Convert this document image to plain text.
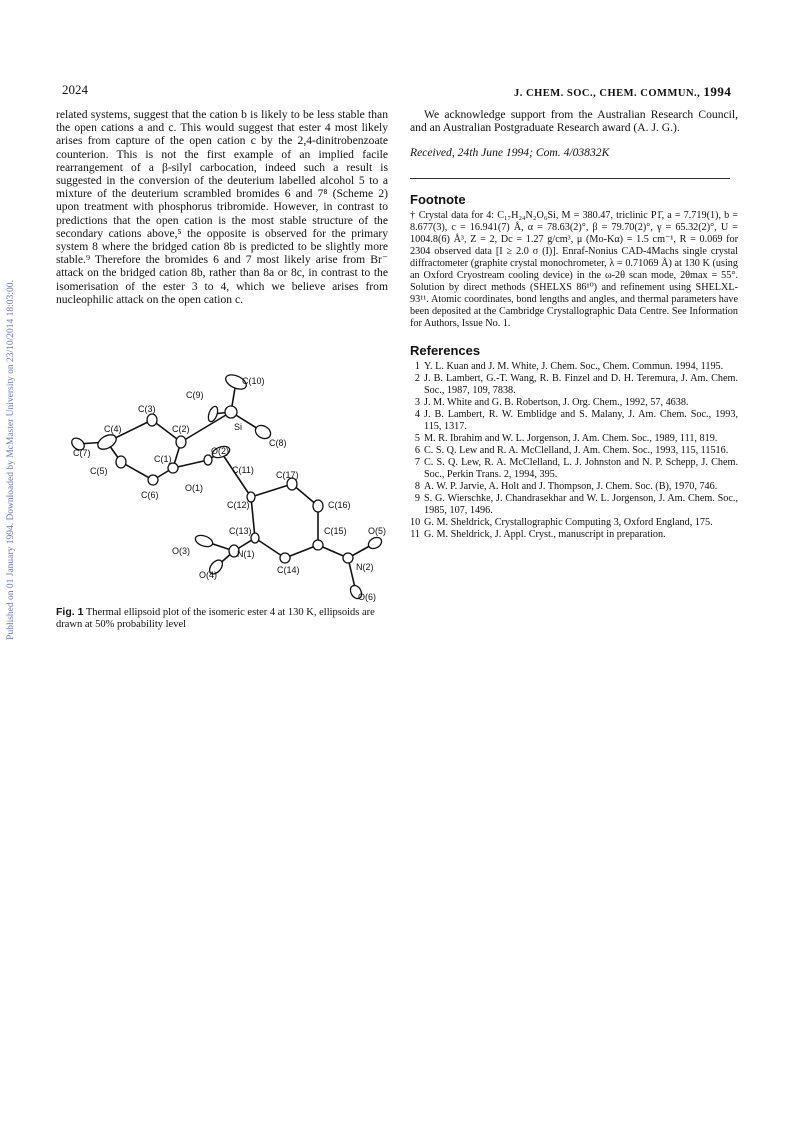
Published on 01 January 1994. Downloaded by McMaster University on 23/10/2014 18:03:00.
2024	J. CHEM. SOC., CHEM. COMMUN., 1994

related systems, suggest that the cation b is likely to be less stable than the open cations a and c. This would suggest that ester 4 most likely arises from capture of the open cation c by the 2,4-dinitrobenzoate counterion. This is not the first example of an implied facile rearrangement of a β-silyl carbocation, indeed such a result is suggested in the conversion of the deuterium labelled alcohol 5 to a mixture of the deuterium scrambled bromides 6 and 7⁸ (Scheme 2) upon treatment with phosphorus tribromide. However, in contrast to predictions that the open cation is the most stable structure of the secondary cations above,⁵ the opposite is observed for the primary system 8 where the bridged cation 8b is predicted to be slightly more stable.⁹ Therefore the bromides 6 and 7 most likely arise from Br⁻ attack on the bridged cation 8b, rather than 8a or 8c, in contrast to the isomerisation of the ester 3 to 4, which we believe arises from nucleophilic attack on the open cation c.

C(10)
C(9)
Si
C(3)
C(2)
C(4)
C(8)
C(7)
C(1)
O(2)
C(5)	C(11) C(17)
O(1)
C(6)
C(12)	C(16)
C(13)	C(15) O(5)
O(3)	N(1)
C(14)	N(2)
O(4)
O(6)
Fig. 1 Thermal ellipsoid plot of the isomeric ester 4 at 130 K, ellipsoids are drawn at 50% probability level

We acknowledge support from the Australian Research Council, and an Australian Postgraduate Research award (A. J. G.).

Received, 24th June 1994; Com. 4/03832K

Footnote

† Crystal data for 4: C₁₇H₂₄N₂O₆Si, M = 380.47, triclinic P1̄, a = 7.719(1), b = 8.677(3), c = 16.941(7) Å, α = 78.63(2)°, β = 79.70(2)°, γ = 65.32(2)°, U = 1004.8(6) Å³, Z = 2, Dc = 1.27 g/cm³, μ (Mo-Kα) = 1.5 cm⁻¹, R = 0.069 for 2304 observed data [I ≥ 2.0 σ (I)]. Enraf-Nonius CAD-4Machs single crystal diffractometer (graphite crystal monochrometer, λ = 0.71069 Å) at 130 K (using an Oxford Cryostream cooling device) in the ω-2θ scan mode, 2θmax = 55°. Solution by direct methods (SHELXS 86¹⁰) and refinement using SHELXL-93¹¹. Atomic coordinates, bond lengths and angles, and thermal parameters have been deposited at the Cambridge Crystallographic Data Centre. See Information for Authors, Issue No. 1.

References
1 Y. L. Kuan and J. M. White, J. Chem. Soc., Chem. Commun. 1994, 1195.
2 J. B. Lambert, G.-T. Wang, R. B. Finzel and D. H. Teremura, J. Am. Chem. Soc., 1987, 109, 7838.
3 J. M. White and G. B. Robertson, J. Org. Chem., 1992, 57, 4638.
4 J. B. Lambert, R. W. Emblidge and S. Malany, J. Am. Chem. Soc., 1993, 115, 1317.
5 M. R. Ibrahim and W. L. Jorgenson, J. Am. Chem. Soc., 1989, 111, 819.
6 C. S. Q. Lew and R. A. McClelland, J. Am. Chem. Soc., 1993, 115, 11516.
7 C. S. Q. Lew, R. A. McClelland, L. J. Johnston and N. P. Schepp, J. Chem. Soc., Perkin Trans. 2, 1994, 395.
8 A. W. P. Jarvie, A. Holt and J. Thompson, J. Chem. Soc. (B), 1970, 746.
9 S. G. Wierschke, J. Chandrasekhar and W. L. Jorgenson, J. Am. Chem. Soc., 1985, 107, 1496.
10 G. M. Sheldrick, Crystallographic Computing 3, Oxford England, 175.
11 G. M. Sheldrick, J. Appl. Cryst., manuscript in preparation.
